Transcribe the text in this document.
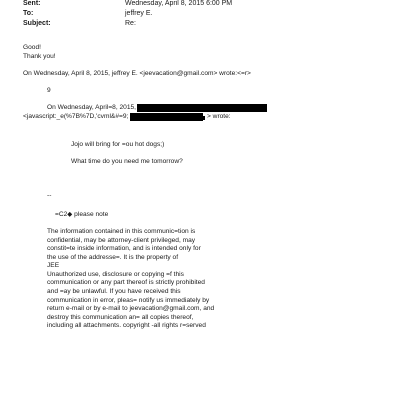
Sent:	Wednesday, April 8, 2015 6:00 PM
To:	jeffrey E.
Subject:	Re:
Good!
Thank you!
On Wednesday, April 8, 2015, jeffrey E. <jeevacation@gmail.com> wrote:<=r>
9
On Wednesday, April=8, 2015,
<javascript:_e(%7B%7D,'cvml&#=9;	> wrote:
Jojo will bring for =ou hot dogs;)
What time do you need me tomorrow?
--
=C2◆ please note
The information contained in this communic=tion is
confidential, may be attorney-client privileged, may
constit=te inside information, and is intended only for
the use of the addresse=. It is the property of
JEE
Unauthorized use, disclosure or copying =f this
communication or any part thereof is strictly prohibited
and =ay be unlawful. If you have received this
communication in error, pleas= notify us immediately by
return e-mail or by e-mail to jeevacation@gmail.com, and
destroy this communication an= all copies thereof,
including all attachments. copyright -all rights r=served
